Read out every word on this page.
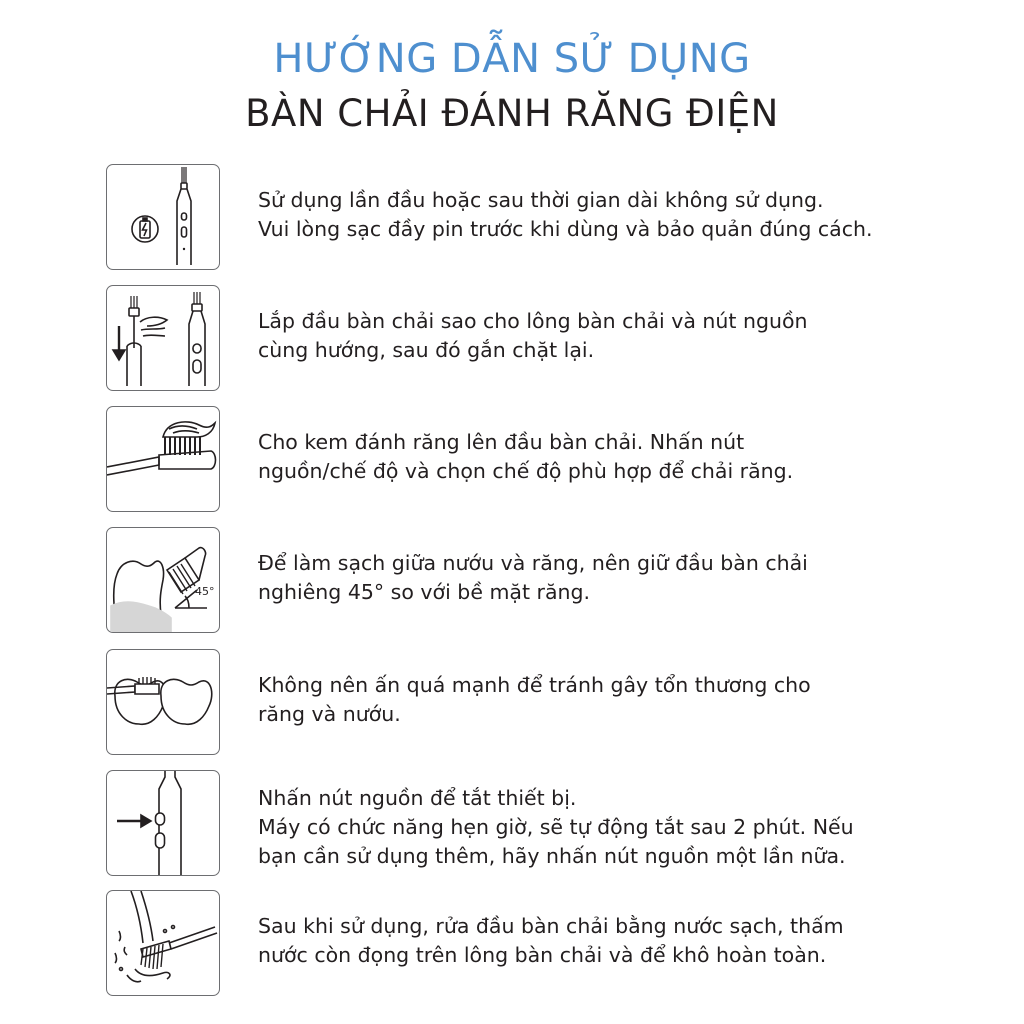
HƯỚNG DẪN SỬ DỤNG
BÀN CHẢI ĐÁNH RĂNG ĐIỆN
Sử dụng lần đầu hoặc sau thời gian dài không sử dụng.
Vui lòng sạc đầy pin trước khi dùng và bảo quản đúng cách.
Lắp đầu bàn chải sao cho lông bàn chải và nút nguồn
cùng hướng, sau đó gắn chặt lại.
Cho kem đánh răng lên đầu bàn chải. Nhấn nút
nguồn/chế độ và chọn chế độ phù hợp để chải răng.
45°
Để làm sạch giữa nướu và răng, nên giữ đầu bàn chải
nghiêng 45° so với bề mặt răng.
Không nên ấn quá mạnh để tránh gây tổn thương cho
răng và nướu.
Nhấn nút nguồn để tắt thiết bị.
Máy có chức năng hẹn giờ, sẽ tự động tắt sau 2 phút. Nếu
bạn cần sử dụng thêm, hãy nhấn nút nguồn một lần nữa.
Sau khi sử dụng, rửa đầu bàn chải bằng nước sạch, thấm
nước còn đọng trên lông bàn chải và để khô hoàn toàn.
